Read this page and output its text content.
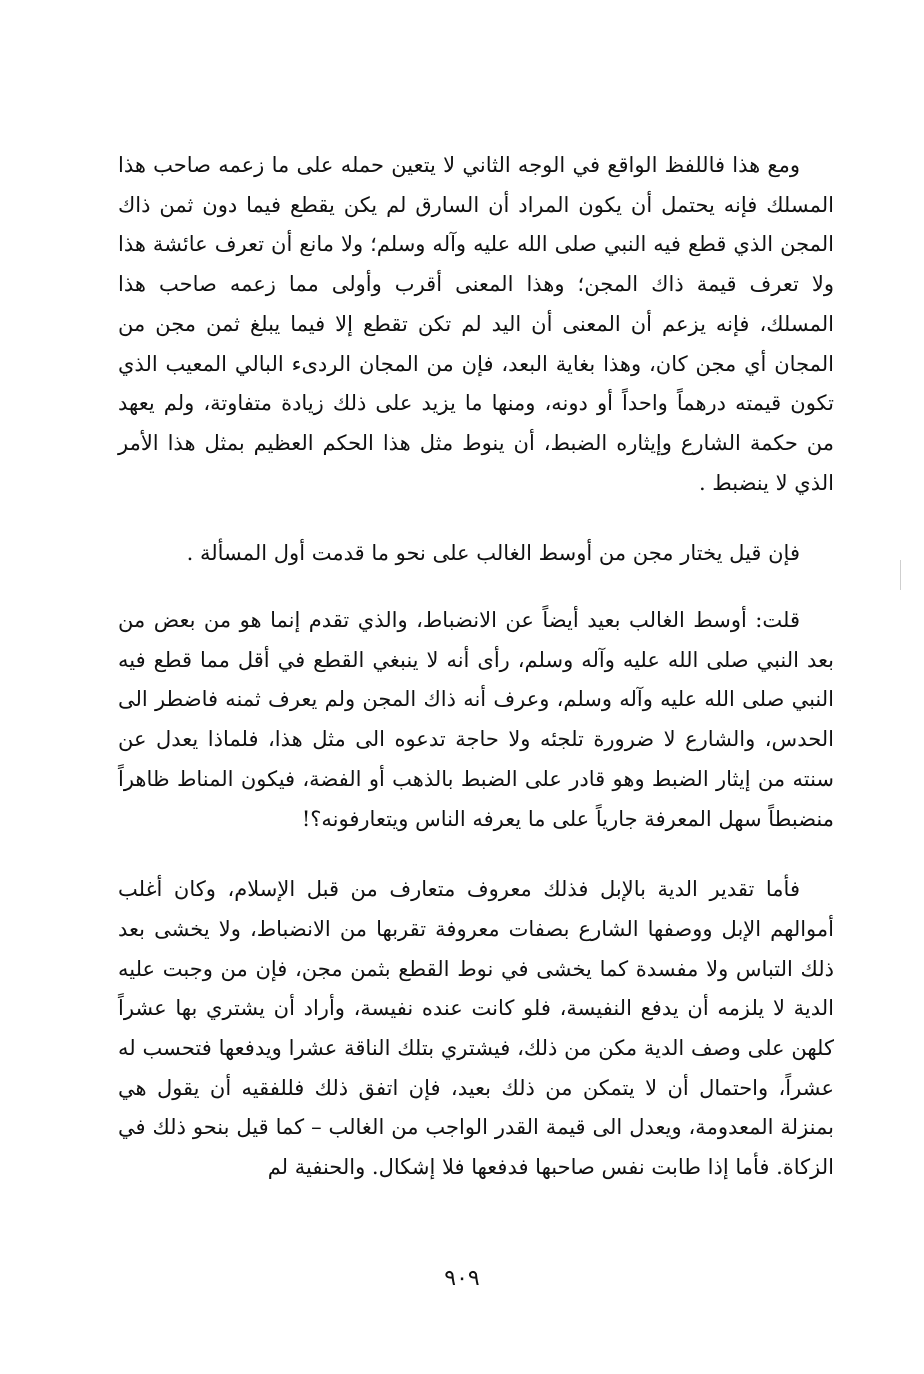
ومع هذا فاللفظ الواقع في الوجه الثاني لا يتعين حمله على ما زعمه صاحب هذا المسلك فإنه يحتمل أن يكون المراد أن السارق لم يكن يقطع فيما دون ثمن ذاك المجن الذي قطع فيه النبي صلى الله عليه وآله وسلم؛ ولا مانع أن تعرف عائشة هذا ولا تعرف قيمة ذاك المجن؛ وهذا المعنى أقرب وأولى مما زعمه صاحب هذا المسلك، فإنه يزعم أن المعنى أن اليد لم تكن تقطع إلا فيما يبلغ ثمن مجن من المجان أي مجن كان، وهذا بغاية البعد، فإن من المجان الردىء البالي المعيب الذي تكون قيمته درهماً واحداً أو دونه، ومنها ما يزيد على ذلك زيادة متفاوتة، ولم يعهد من حكمة الشارع وإيثاره الضبط، أن ينوط مثل هذا الحكم العظيم بمثل هذا الأمر الذي لا ينضبط .

فإن قيل يختار مجن من أوسط الغالب على نحو ما قدمت أول المسألة .

قلت: أوسط الغالب بعيد أيضاً عن الانضباط، والذي تقدم إنما هو من بعض من بعد النبي صلى الله عليه وآله وسلم، رأى أنه لا ينبغي القطع في أقل مما قطع فيه النبي صلى الله عليه وآله وسلم، وعرف أنه ذاك المجن ولم يعرف ثمنه فاضطر الى الحدس، والشارع لا ضرورة تلجئه ولا حاجة تدعوه الى مثل هذا، فلماذا يعدل عن سنته من إيثار الضبط وهو قادر على الضبط بالذهب أو الفضة، فيكون المناط ظاهراً منضبطاً سهل المعرفة جارياً على ما يعرفه الناس ويتعارفونه؟!

فأما تقدير الدية بالإبل فذلك معروف متعارف من قبل الإسلام، وكان أغلب أموالهم الإبل ووصفها الشارع بصفات معروفة تقربها من الانضباط، ولا يخشى بعد ذلك التباس ولا مفسدة كما يخشى في نوط القطع بثمن مجن، فإن من وجبت عليه الدية لا يلزمه أن يدفع النفيسة، فلو كانت عنده نفيسة، وأراد أن يشتري بها عشراً كلهن على وصف الدية مكن من ذلك، فيشتري بتلك الناقة عشرا ويدفعها فتحسب له عشراً، واحتمال أن لا يتمكن من ذلك بعيد، فإن اتفق ذلك فللفقيه أن يقول هي بمنزلة المعدومة، ويعدل الى قيمة القدر الواجب من الغالب – كما قيل بنحو ذلك في الزكاة. فأما إذا طابت نفس صاحبها فدفعها فلا إشكال. والحنفية لم

٩٠٩
